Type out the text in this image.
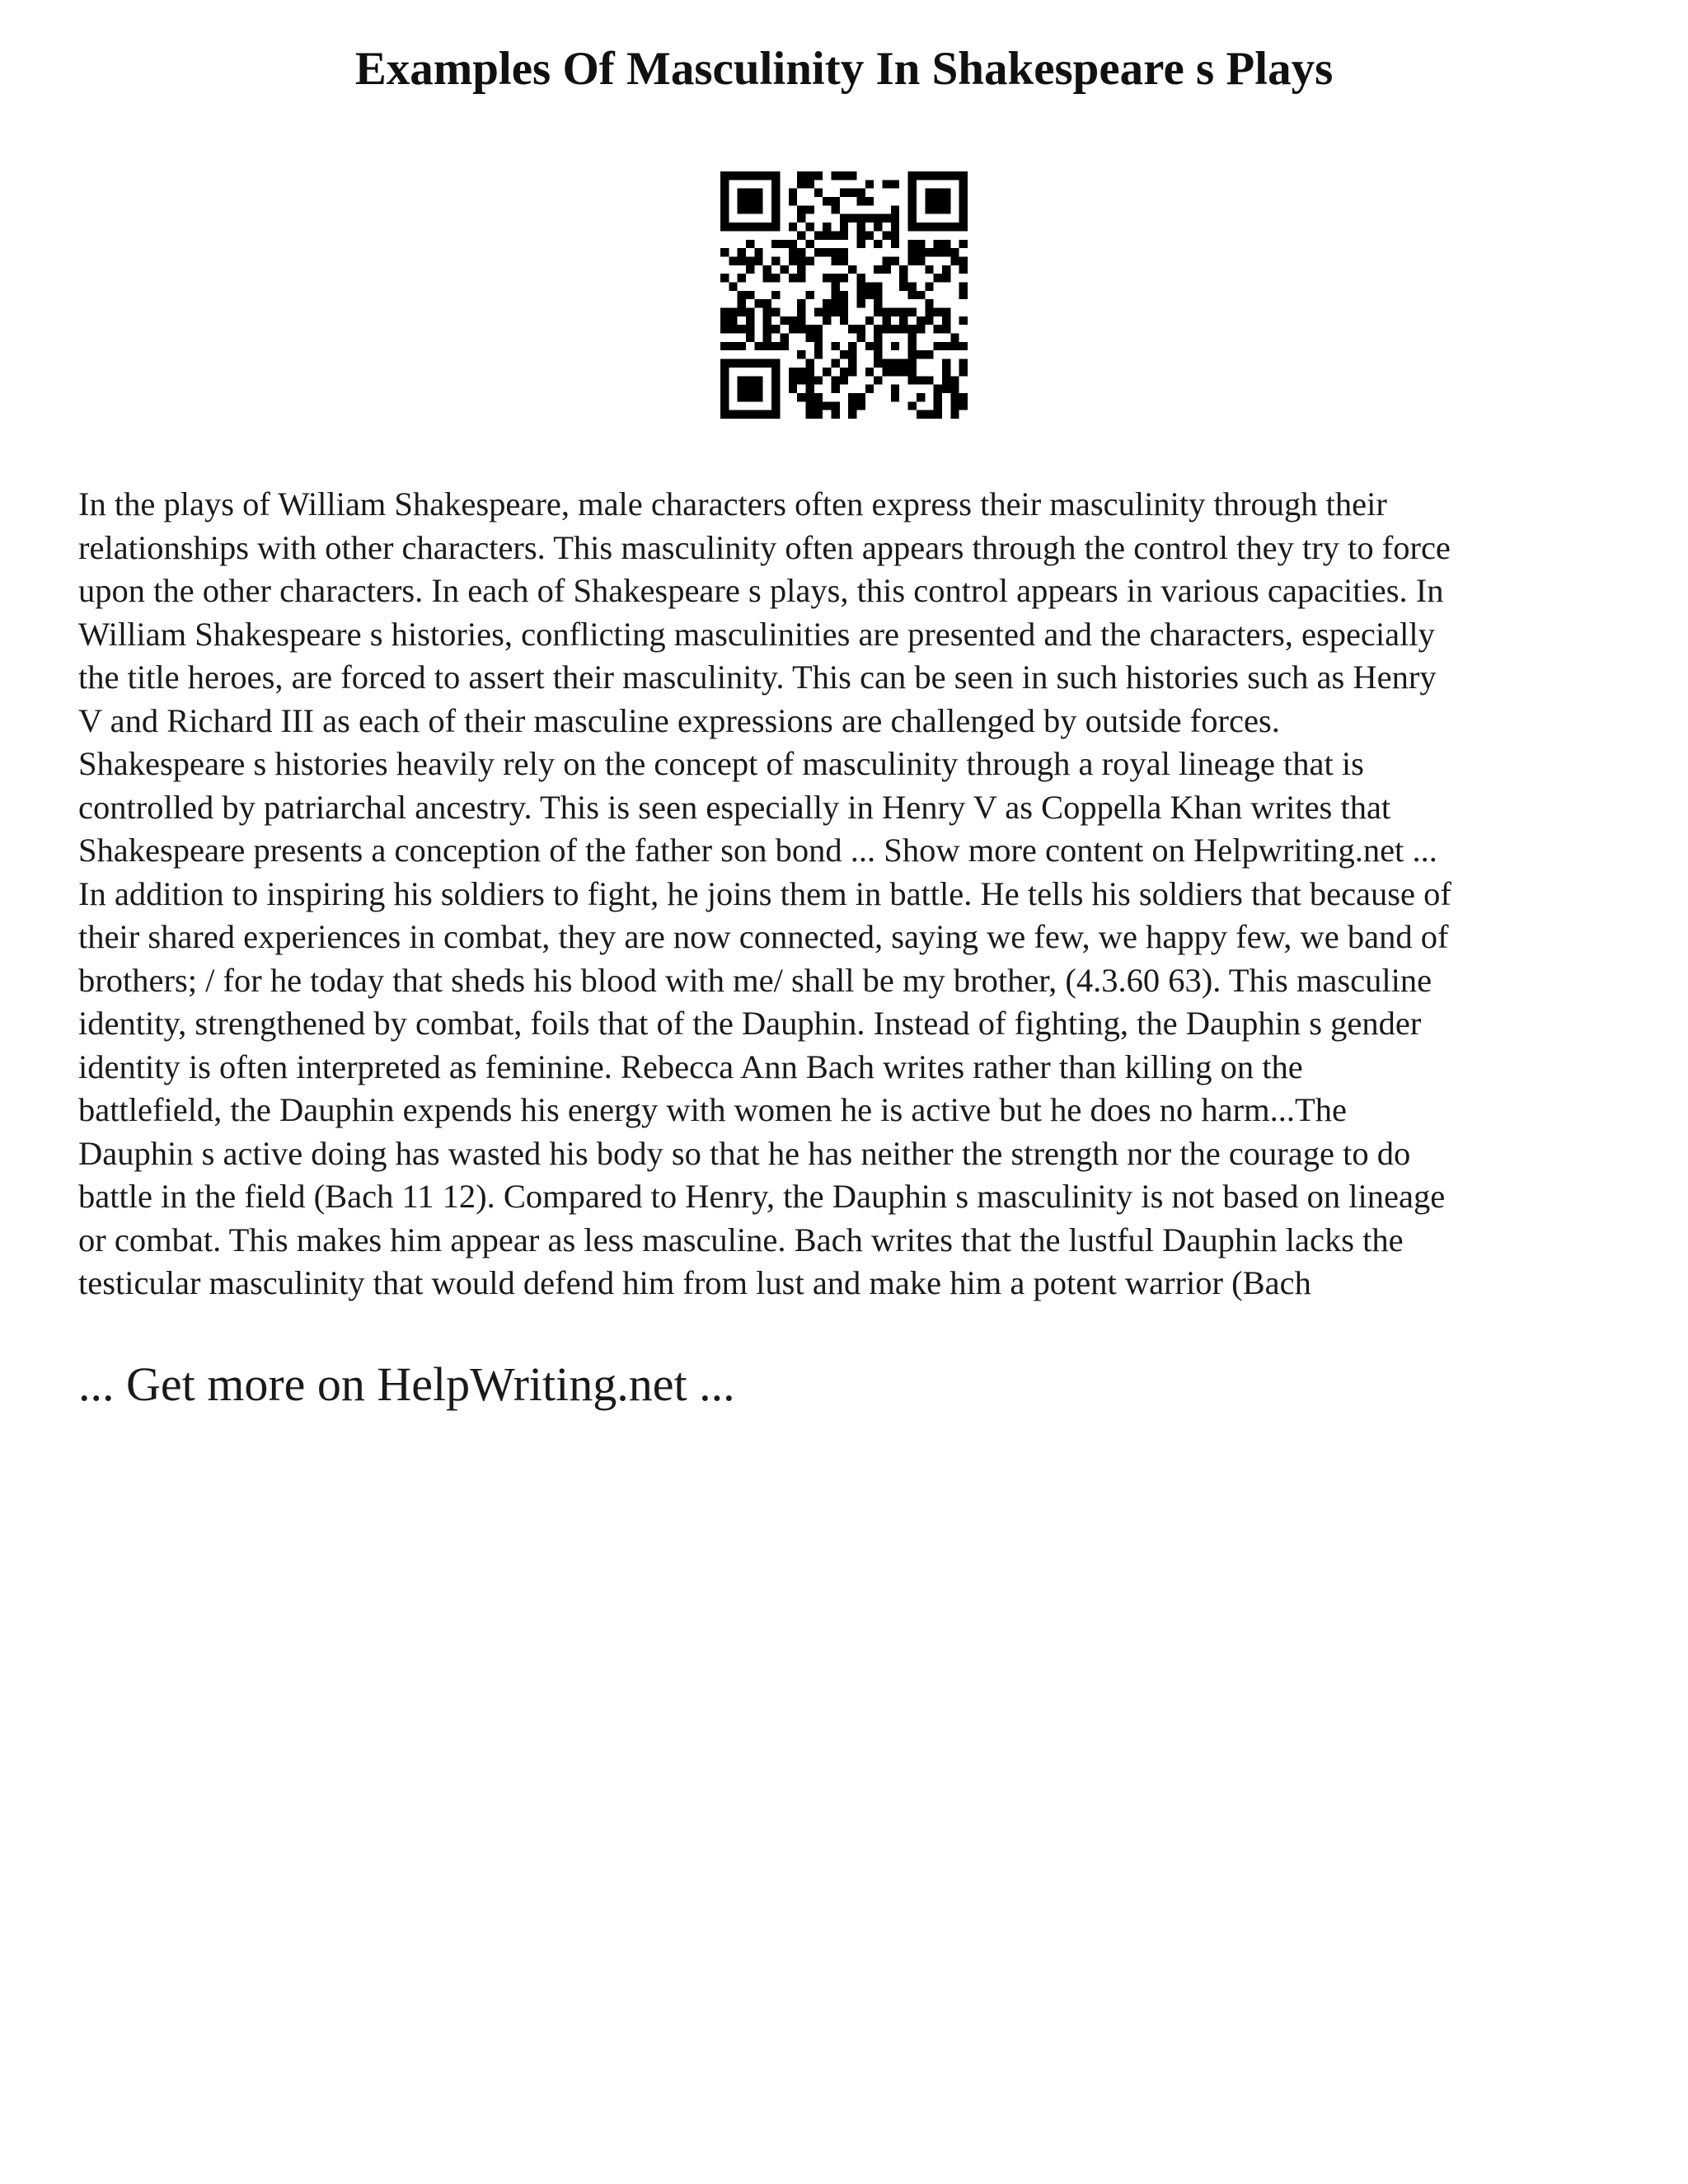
Examples Of Masculinity In Shakespeare s Plays
In the plays of William Shakespeare, male characters often express their masculinity through their
relationships with other characters. This masculinity often appears through the control they try to force
upon the other characters. In each of Shakespeare s plays, this control appears in various capacities. In
William Shakespeare s histories, conflicting masculinities are presented and the characters, especially
the title heroes, are forced to assert their masculinity. This can be seen in such histories such as Henry
V and Richard III as each of their masculine expressions are challenged by outside forces.
Shakespeare s histories heavily rely on the concept of masculinity through a royal lineage that is
controlled by patriarchal ancestry. This is seen especially in Henry V as Coppella Khan writes that
Shakespeare presents a conception of the father son bond ... Show more content on Helpwriting.net ...
In addition to inspiring his soldiers to fight, he joins them in battle. He tells his soldiers that because of
their shared experiences in combat, they are now connected, saying we few, we happy few, we band of
brothers; / for he today that sheds his blood with me/ shall be my brother, (4.3.60 63). This masculine
identity, strengthened by combat, foils that of the Dauphin. Instead of fighting, the Dauphin s gender
identity is often interpreted as feminine. Rebecca Ann Bach writes rather than killing on the
battlefield, the Dauphin expends his energy with women he is active but he does no harm...The
Dauphin s active doing has wasted his body so that he has neither the strength nor the courage to do
battle in the field (Bach 11 12). Compared to Henry, the Dauphin s masculinity is not based on lineage
or combat. This makes him appear as less masculine. Bach writes that the lustful Dauphin lacks the
testicular masculinity that would defend him from lust and make him a potent warrior (Bach
... Get more on HelpWriting.net ...
